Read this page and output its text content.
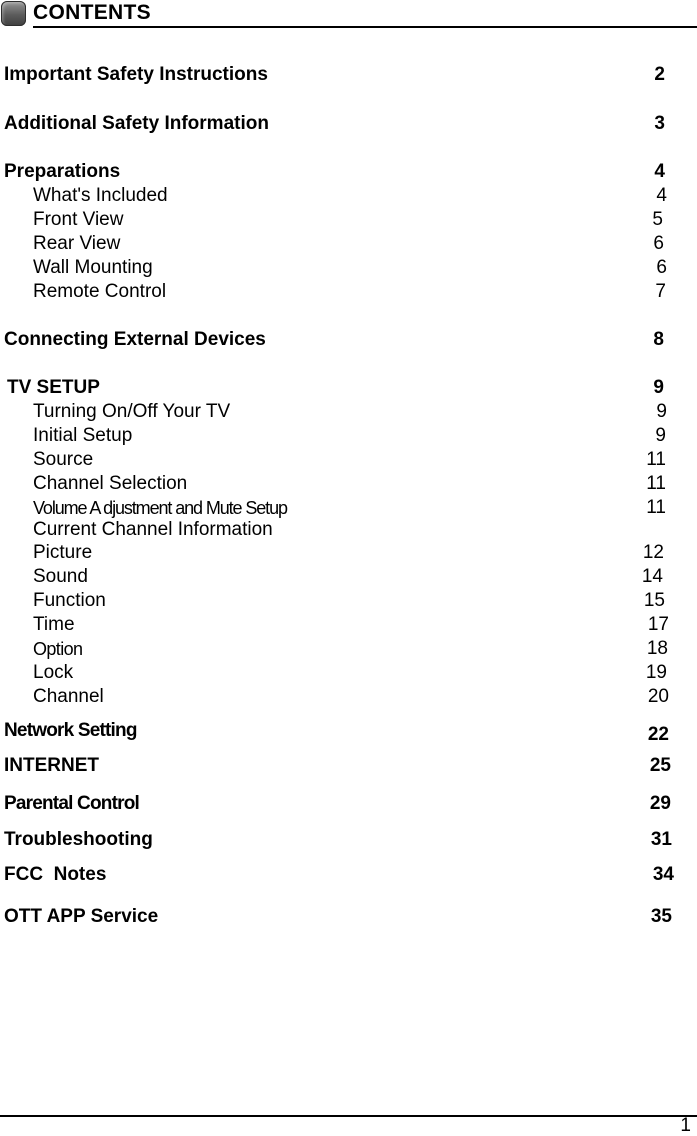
CONTENTS
Important Safety Instructions	2
Additional Safety Information	3
Preparations	4
What's Included	4
Front View	5
Rear View	6
Wall Mounting	6
Remote Control	7
Connecting External Devices	8
TV SETUP	9
Turning On/Off Your TV	9
Initial Setup	9
Source	11
Channel Selection	11
Volume A djustment and Mute Setup	11
Current Channel Information
Picture	12
Sound	14
Function	15
Time	17
Option	18
Lock	19
Channel	20
Network Setting	22
INTERNET	25
Parental Control	29
Troubleshooting	31
FCC  Notes	34
OTT APP Service	35
1
